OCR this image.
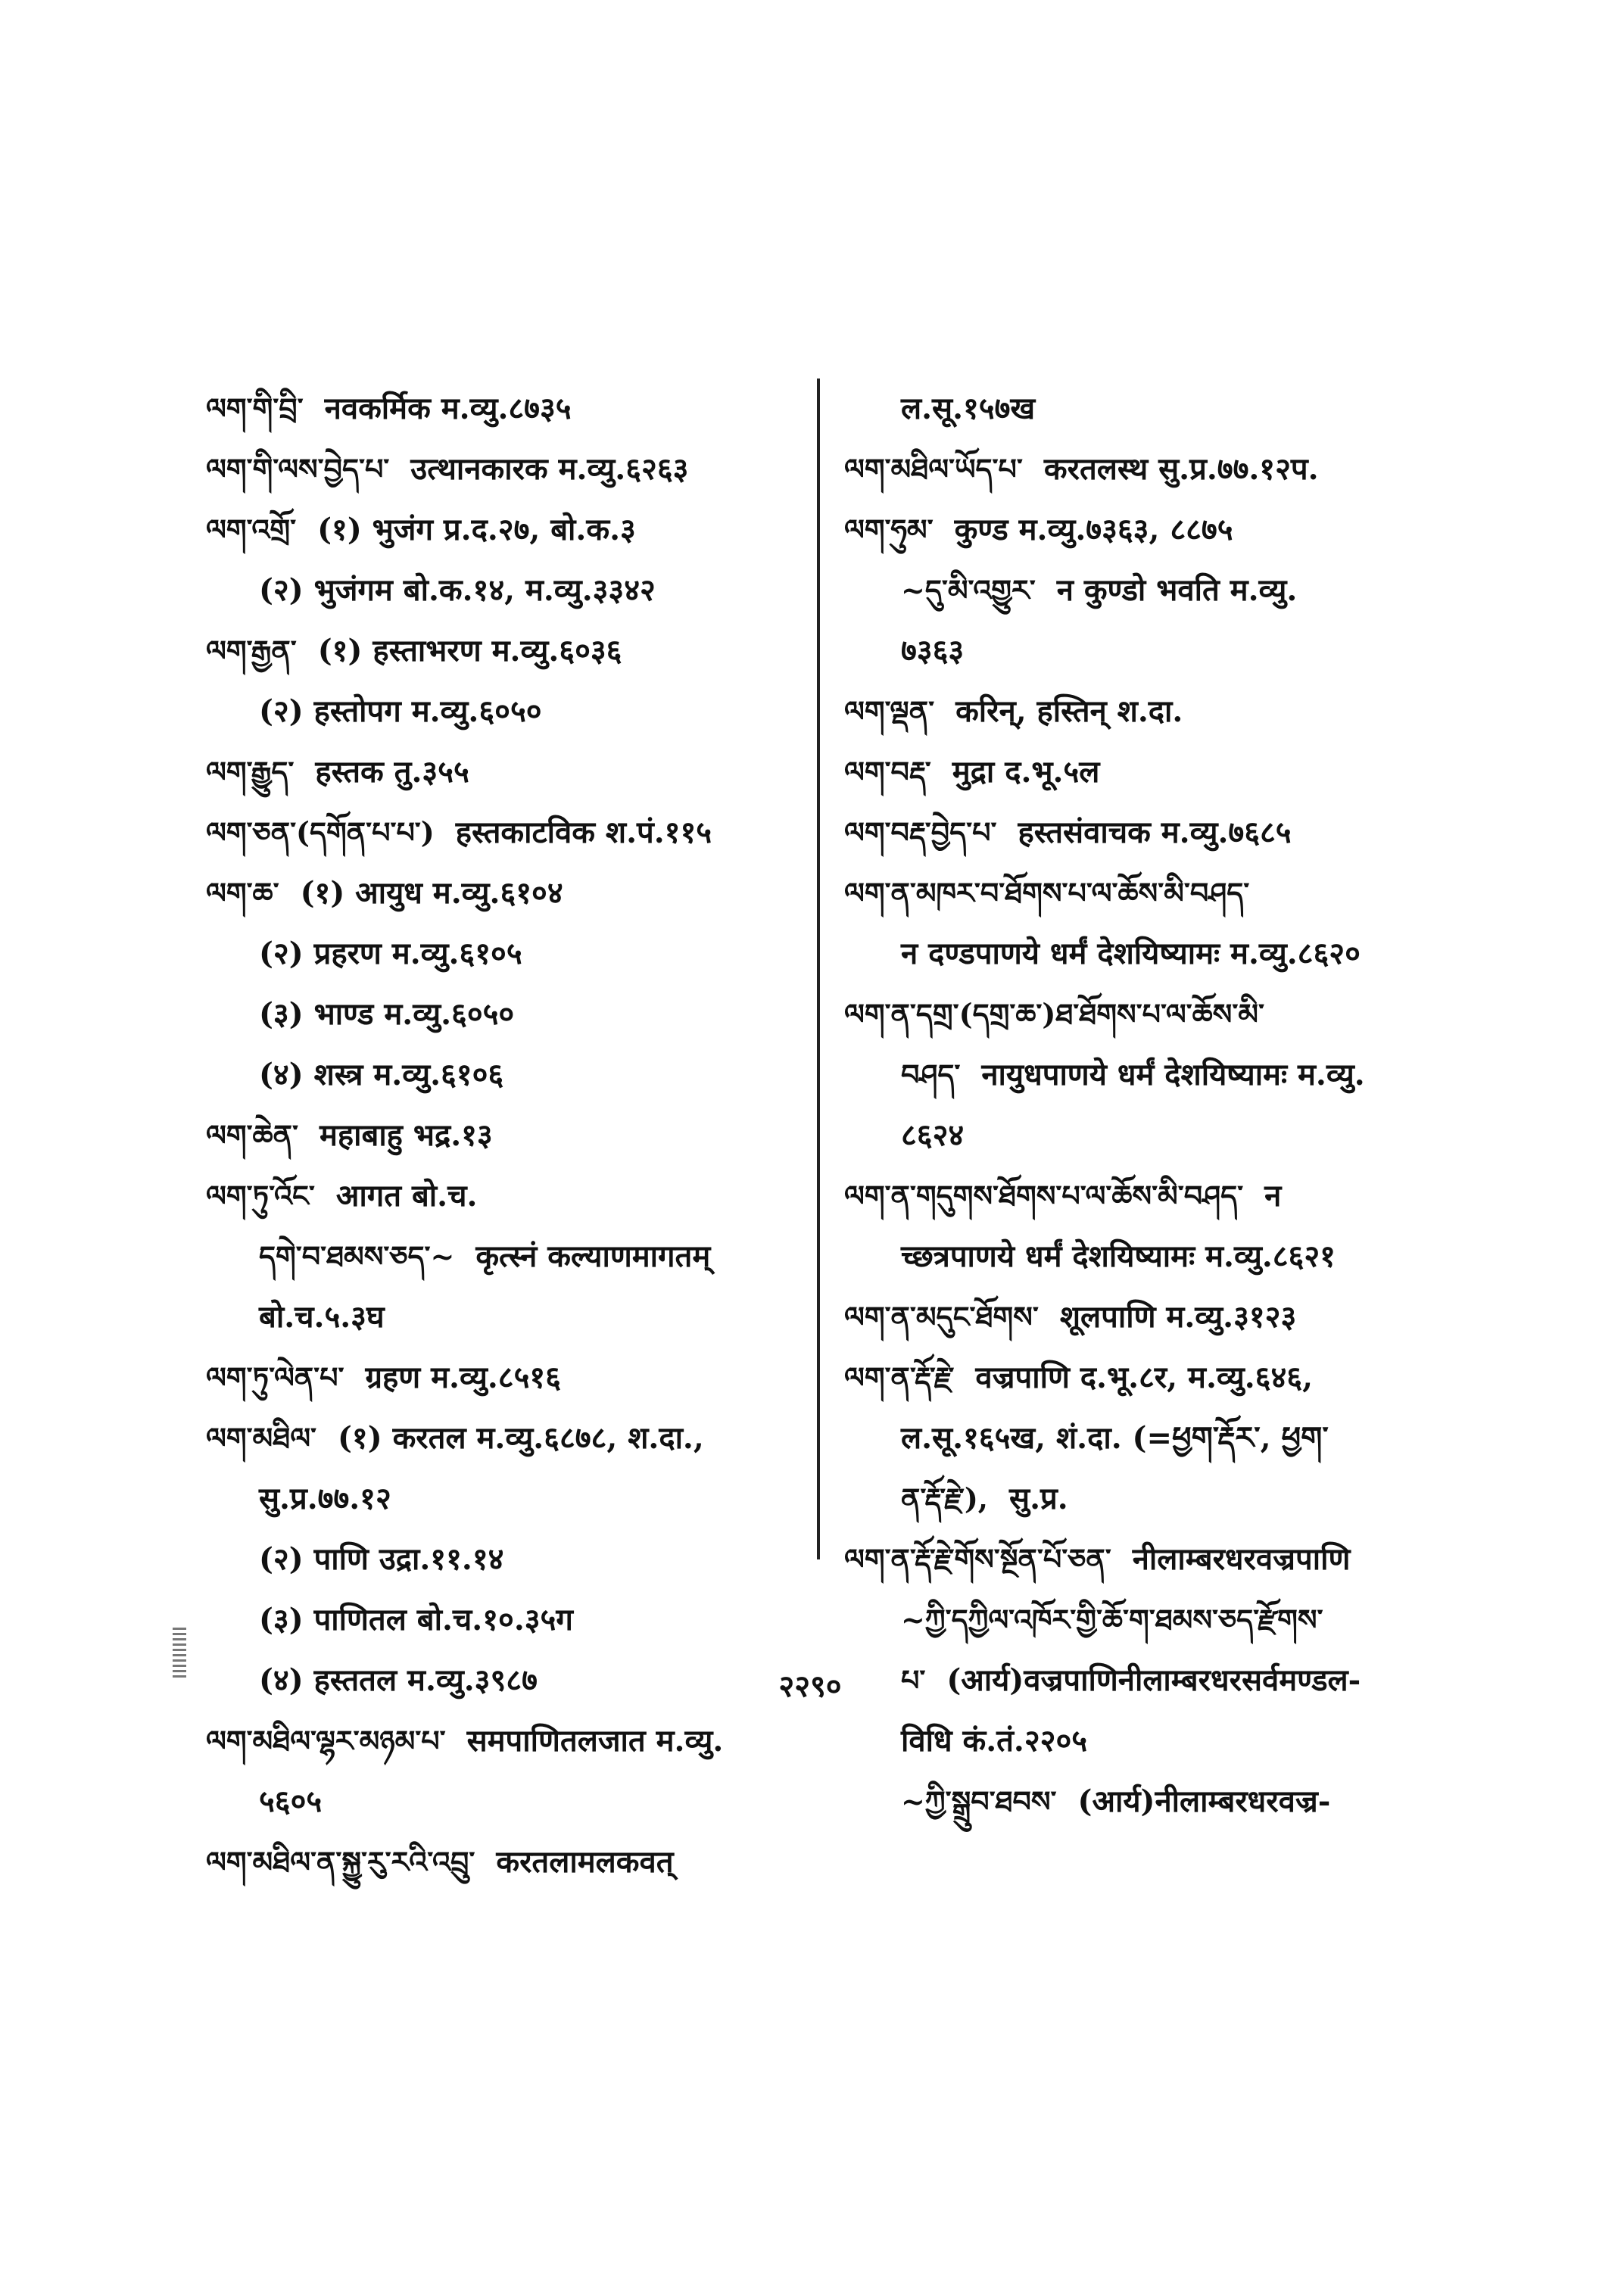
ལག་གི་བྲི་ नवकर्मिक म.व्यु.८७३५
ལག་གི་ལས་བྱེད་པ་ उत्थानकारक म.व्यु.६२६३
ལག་འགྲོ་ (१) भुजंग प्र.द.२७, बो.क.३
(२) भुजंगम बो.क.१४, म.व्यु.३३४२
ལག་རྒྱན་ (१) हस्ताभरण म.व्यु.६०३६
(२) हस्तोपग म.व्यु.६०५०
ལག་རྒྱུད་ हस्तक तु.३५५
ལག་ཅན་(དགོན་པ་པ་) हस्तकाटविक श.पं.११५
ལག་ཆ་ (१) आयुध म.व्यु.६१०४
(२) प्रहरण म.व्यु.६१०५
(३) भाण्ड म.व्यु.६०५०
(४) शस्त्र म.व्यु.६१०६
ལག་ཆེན་ महाबाहु भद्र.१३
ལག་ཏུ་འོང་ आगत बो.च.
དགེ་བ་ཐམས་ཅད་~ कृत्स्नं कल्याणमागतम्
बो.च.५.३घ
ལག་ཏུ་ལེན་པ་ ग्रहण म.व्यु.८५१६
ལག་མཐིལ་ (१) करतल म.व्यु.६८७८, श.दा.,
सु.प्र.७७.१२
(२) पाणि उद्रा.११.१४
(३) पाणितल बो.च.१०.३५ग
(४) हस्ततल म.व्यु.३९८७
ལག་མཐིལ་ལྷར་མཉམ་པ་ समपाणितलजात म.व्यु.
५६०५
ལག་མཐིལ་ན་སྐྱུ་རུ་རའི་འབྲུ་ करतलामलकवत्
ल.सू.१५७ख
ལག་མཐིལ་ཡོད་པ་ करतलस्थ सु.प्र.७७.१२प.
ལག་ཧུམ་ कुण्ड म.व्यु.७३६३, ८८७५
~དུ་མི་འགྱུར་ न कुण्डो भवति म.व्यु.
७३६३
ལག་ལྡན་ करिन्, हस्तिन् श.दा.
ལག་བརྡ་ मुद्रा द.भू.५ल
ལག་བརྡ་བྱེད་པ་ हस्तसंवाचक म.व्यु.७६८५
ལག་ན་མཁར་བ་ཐོགས་པ་ལ་ཆོས་མི་བཤད་
न दण्डपाणये धर्मं देशयिष्यामः म.व्यु.८६२०
ལག་ན་དགྲ་(དགྲ་ཆ་)ཐ་ཐོགས་པ་ལ་ཆོས་མི་
བཤད་ नायुधपाणये धर्मं देशयिष्यामः म.व्यु.
८६२४
ལག་ན་གདུགས་ཐོགས་པ་ལ་ཆོས་མི་བཤད་ न
च्छत्रपाणये धर्मं देशयिष्यामः म.व्यु.८६२१
ལག་ན་མདུང་ཐོགས་ शूलपाणि म.व्यु.३१२३
ལག་ན་རྡོ་རྗེ་ वज्रपाणि द.भू.८र, म.व्यु.६४६,
ल.सू.१६५ख, शं.दा. (=ཕྱག་རྡོར་, ཕྱག་
ན་རྡོ་རྗེ་), सु.प्र.
ལག་ན་རྡོ་རྗེ་གོས་སྔོན་པོ་ཅན་ नीलाम्बरधरवज्रपाणि
~ཀྱི་དཀྱིལ་འཁོར་གྱི་ཆོ་ག་ཐམས་ཅད་རྫོགས་
པ་ (आर्य)वज्रपाणिनीलाम्बरधरसर्वमण्डल-
विधि कं.तं.२२०५
~ཀྱི་སྒྲུབ་ཐབས་ (आर्य)नीलाम्बरधरवज्र-
२२९०
